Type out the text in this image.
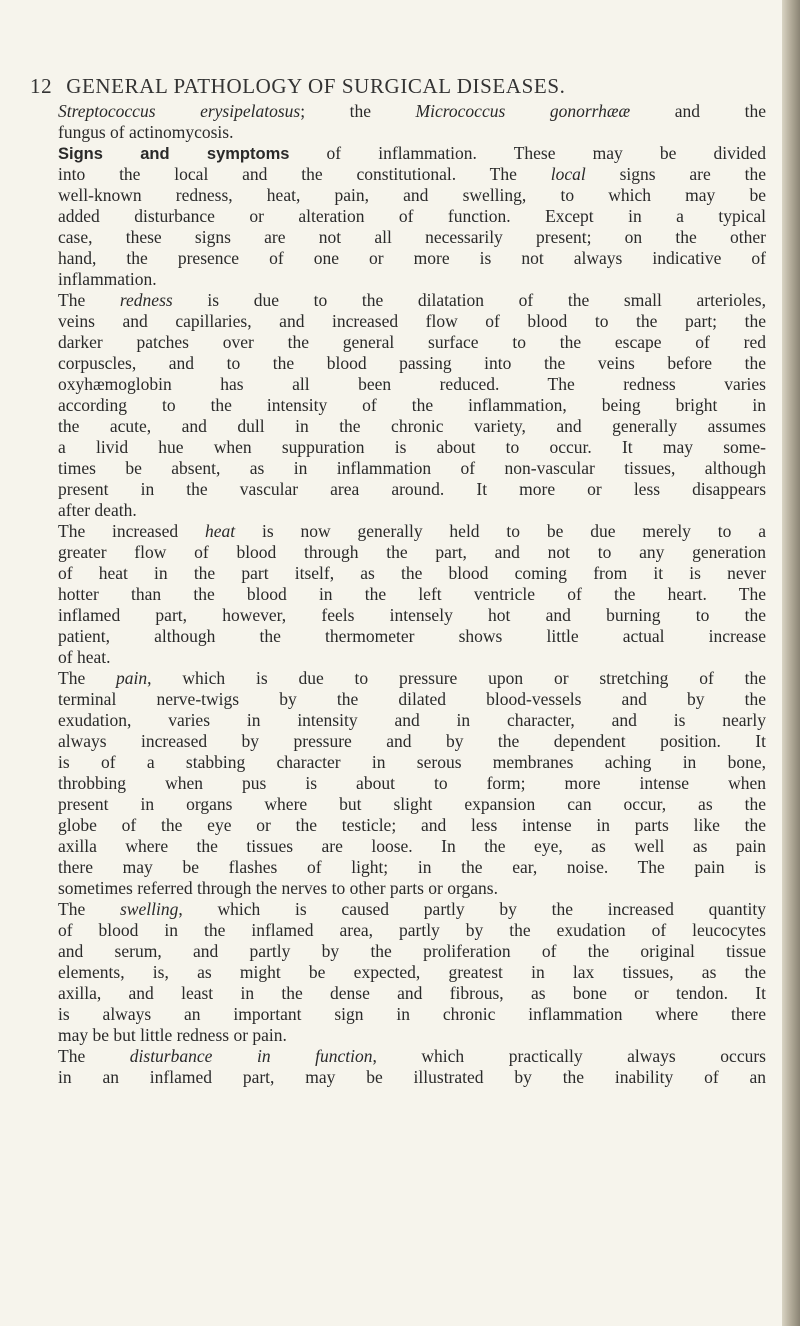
12 GENERAL PATHOLOGY OF SURGICAL DISEASES.
Streptococcus erysipelatosus; the Micrococcus gonorrhææ and the
fungus of actinomycosis.
Signs and symptoms of inflammation. These may be divided
into the local and the constitutional. The local signs are the
well-known redness, heat, pain, and swelling, to which may be
added disturbance or alteration of function. Except in a typical
case, these signs are not all necessarily present; on the other
hand, the presence of one or more is not always indicative of
inflammation.
The redness is due to the dilatation of the small arterioles,
veins and capillaries, and increased flow of blood to the part; the
darker patches over the general surface to the escape of red
corpuscles, and to the blood passing into the veins before the
oxyhæmoglobin has all been reduced. The redness varies
according to the intensity of the inflammation, being bright in
the acute, and dull in the chronic variety, and generally assumes
a livid hue when suppuration is about to occur. It may some-
times be absent, as in inflammation of non-vascular tissues, although
present in the vascular area around. It more or less disappears
after death.
The increased heat is now generally held to be due merely to a
greater flow of blood through the part, and not to any generation
of heat in the part itself, as the blood coming from it is never
hotter than the blood in the left ventricle of the heart. The
inflamed part, however, feels intensely hot and burning to the
patient, although the thermometer shows little actual increase
of heat.
The pain, which is due to pressure upon or stretching of the
terminal nerve-twigs by the dilated blood-vessels and by the
exudation, varies in intensity and in character, and is nearly
always increased by pressure and by the dependent position. It
is of a stabbing character in serous membranes aching in bone,
throbbing when pus is about to form; more intense when
present in organs where but slight expansion can occur, as the
globe of the eye or the testicle; and less intense in parts like the
axilla where the tissues are loose. In the eye, as well as pain
there may be flashes of light; in the ear, noise. The pain is
sometimes referred through the nerves to other parts or organs.
The swelling, which is caused partly by the increased quantity
of blood in the inflamed area, partly by the exudation of leucocytes
and serum, and partly by the proliferation of the original tissue
elements, is, as might be expected, greatest in lax tissues, as the
axilla, and least in the dense and fibrous, as bone or tendon. It
is always an important sign in chronic inflammation where there
may be but little redness or pain.
The disturbance in function, which practically always occurs
in an inflamed part, may be illustrated by the inability of an
